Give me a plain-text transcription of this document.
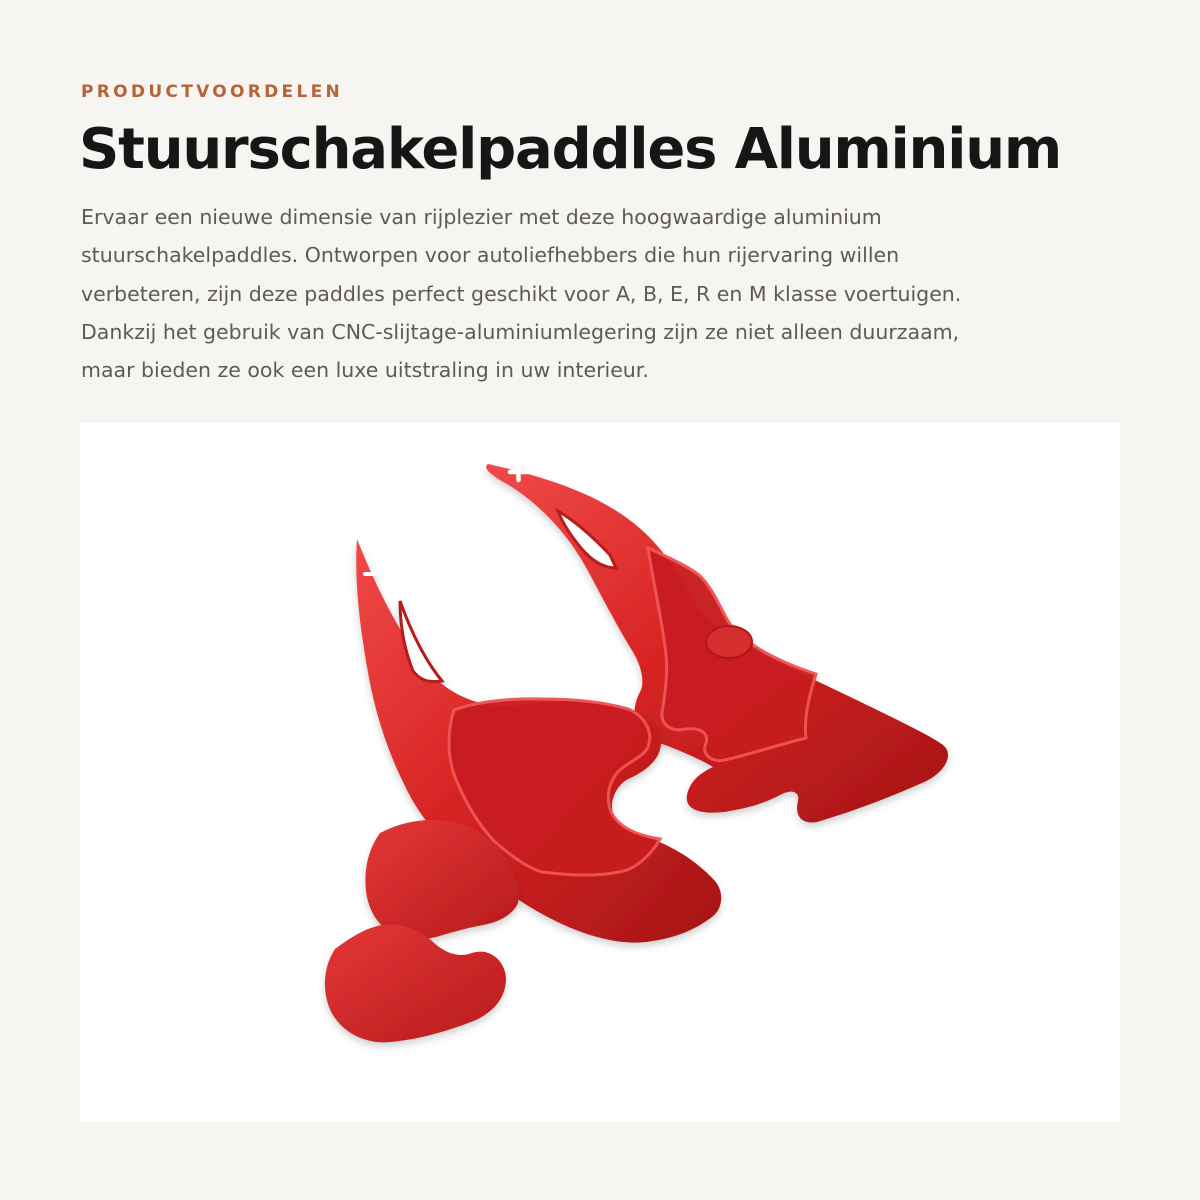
PRODUCTVOORDELEN

Stuurschakelpaddles Aluminium

Ervaar een nieuwe dimensie van rijplezier met deze hoogwaardige aluminium
stuurschakelpaddles. Ontworpen voor autoliefhebbers die hun rijervaring willen
verbeteren, zijn deze paddles perfect geschikt voor A, B, E, R en M klasse voertuigen.
Dankzij het gebruik van CNC-slijtage-aluminiumlegering zijn ze niet alleen duurzaam,
maar bieden ze ook een luxe uitstraling in uw interieur.
